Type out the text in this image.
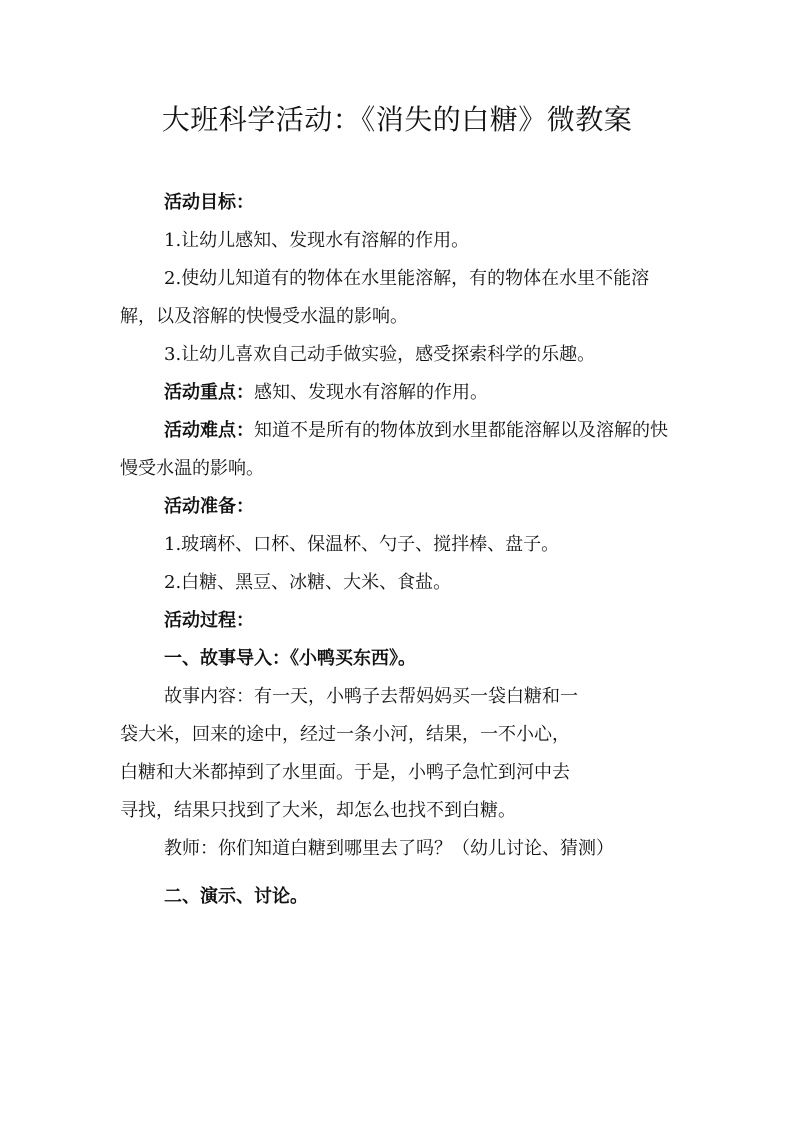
大班科学活动：《消失的白糖》微教案

活动目标：

1.让幼儿感知、发现水有溶解的作用。

2.使幼儿知道有的物体在水里能溶解，有的物体在水里不能溶解，以及溶解的快慢受水温的影响。

3.让幼儿喜欢自己动手做实验，感受探索科学的乐趣。

活动重点：感知、发现水有溶解的作用。

活动难点：知道不是所有的物体放到水里都能溶解以及溶解的快慢受水温的影响。

活动准备：

1.玻璃杯、口杯、保温杯、勺子、搅拌棒、盘子。

2.白糖、黑豆、冰糖、大米、食盐。

活动过程：

一、故事导入：《小鸭买东西》。

故事内容：有一天，小鸭子去帮妈妈买一袋白糖和一

袋大米，回来的途中，经过一条小河，结果，一不小心，

白糖和大米都掉到了水里面。于是，小鸭子急忙到河中去

寻找，结果只找到了大米，却怎么也找不到白糖。

教师：你们知道白糖到哪里去了吗？（幼儿讨论、猜测）

二、演示、讨论。
